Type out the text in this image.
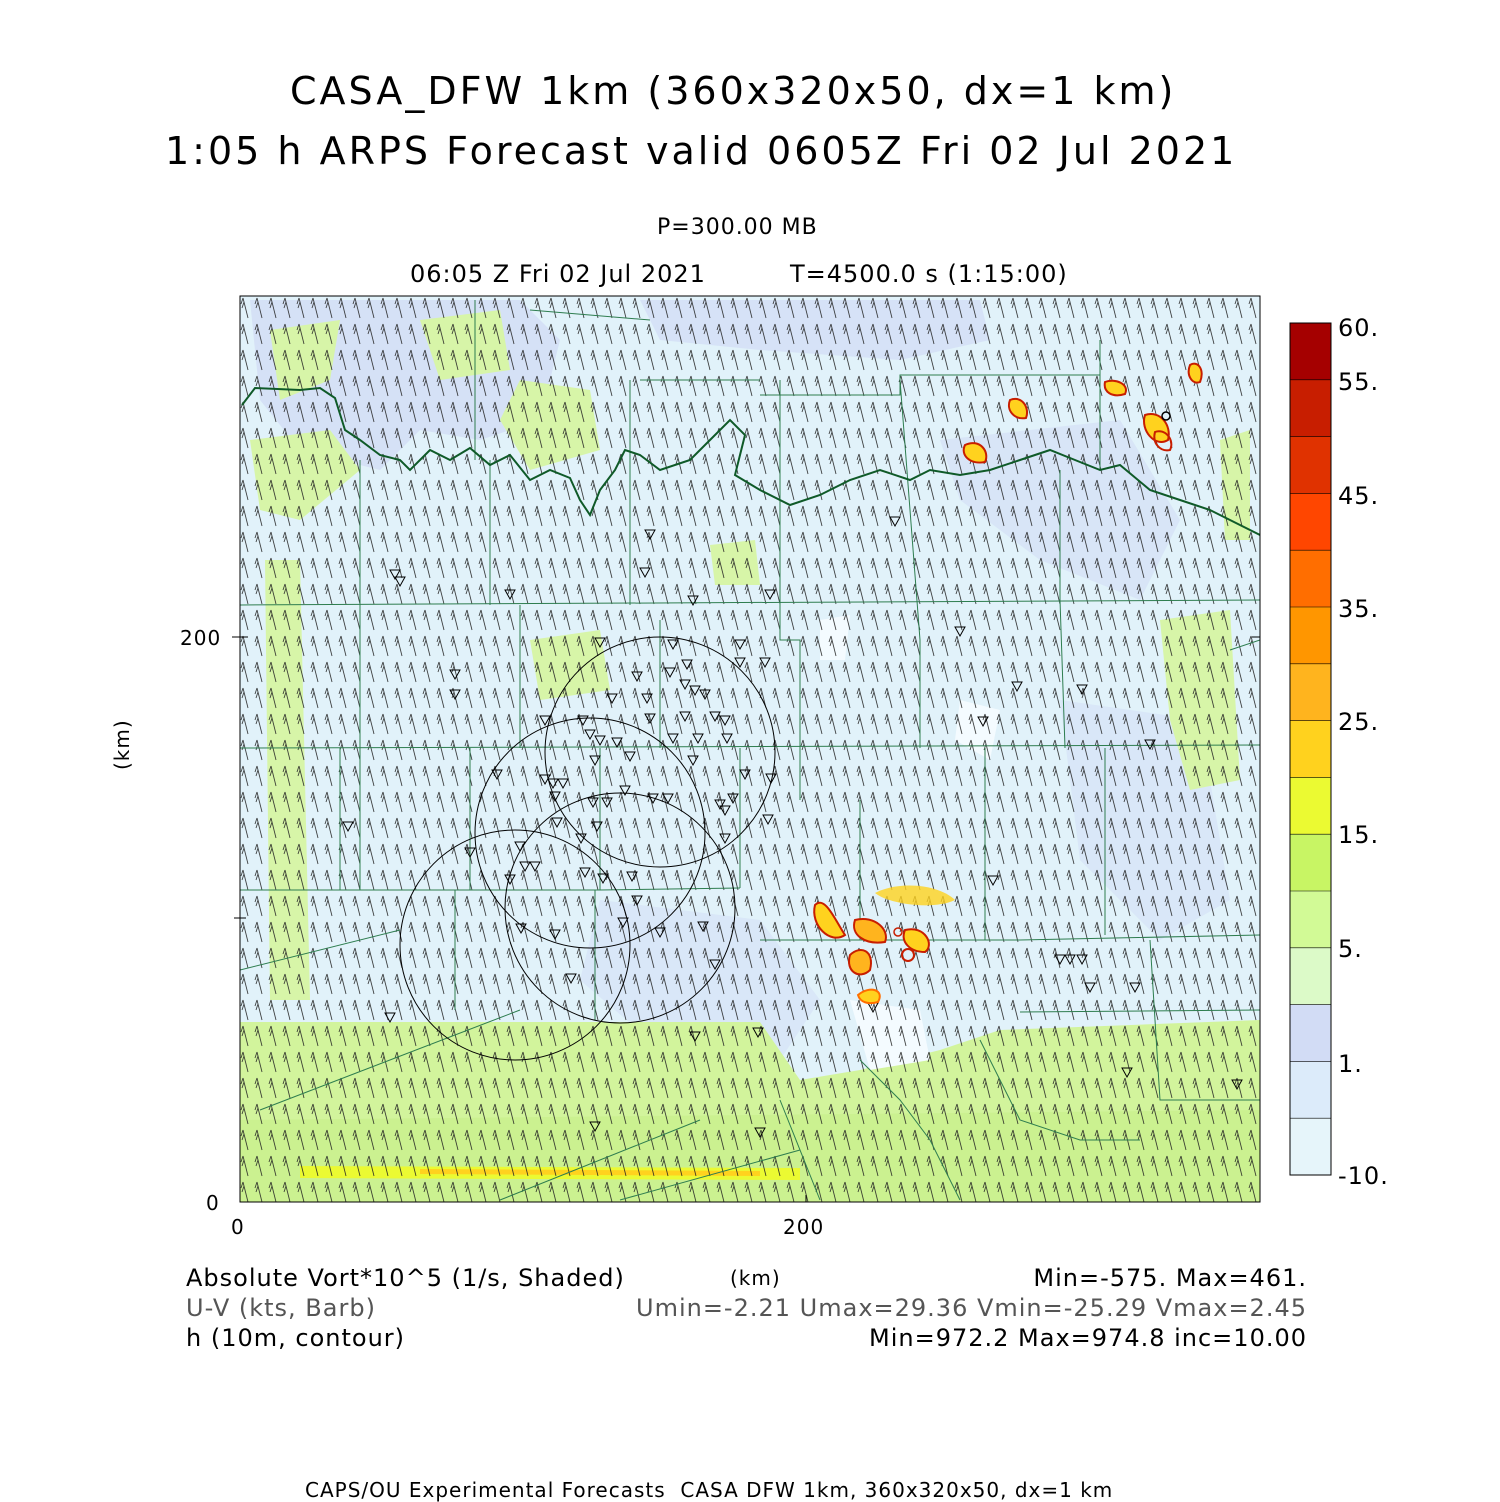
CASA_DFW 1km (360x320x50, dx=1 km)
1:05 h ARPS Forecast valid 0605Z Fri 02 Jul 2021
P=300.00 MB
06:05 Z Fri 02 Jul 2021	T=4500.0 s (1:15:00)
200
0
0	200
(km)
(km)
60.
55.
45.
35.
25.
15.
5.
1.
-10.
Absolute Vort*10^5 (1/s, Shaded)	Min=-575. Max=461.
U-V (kts, Barb)	Umin=-2.21 Umax=29.36 Vmin=-25.29 Vmax=2.45
h (10m, contour)	Min=972.2 Max=974.8 inc=10.00
CAPS/OU Experimental Forecasts  CASA DFW 1km, 360x320x50, dx=1 km
